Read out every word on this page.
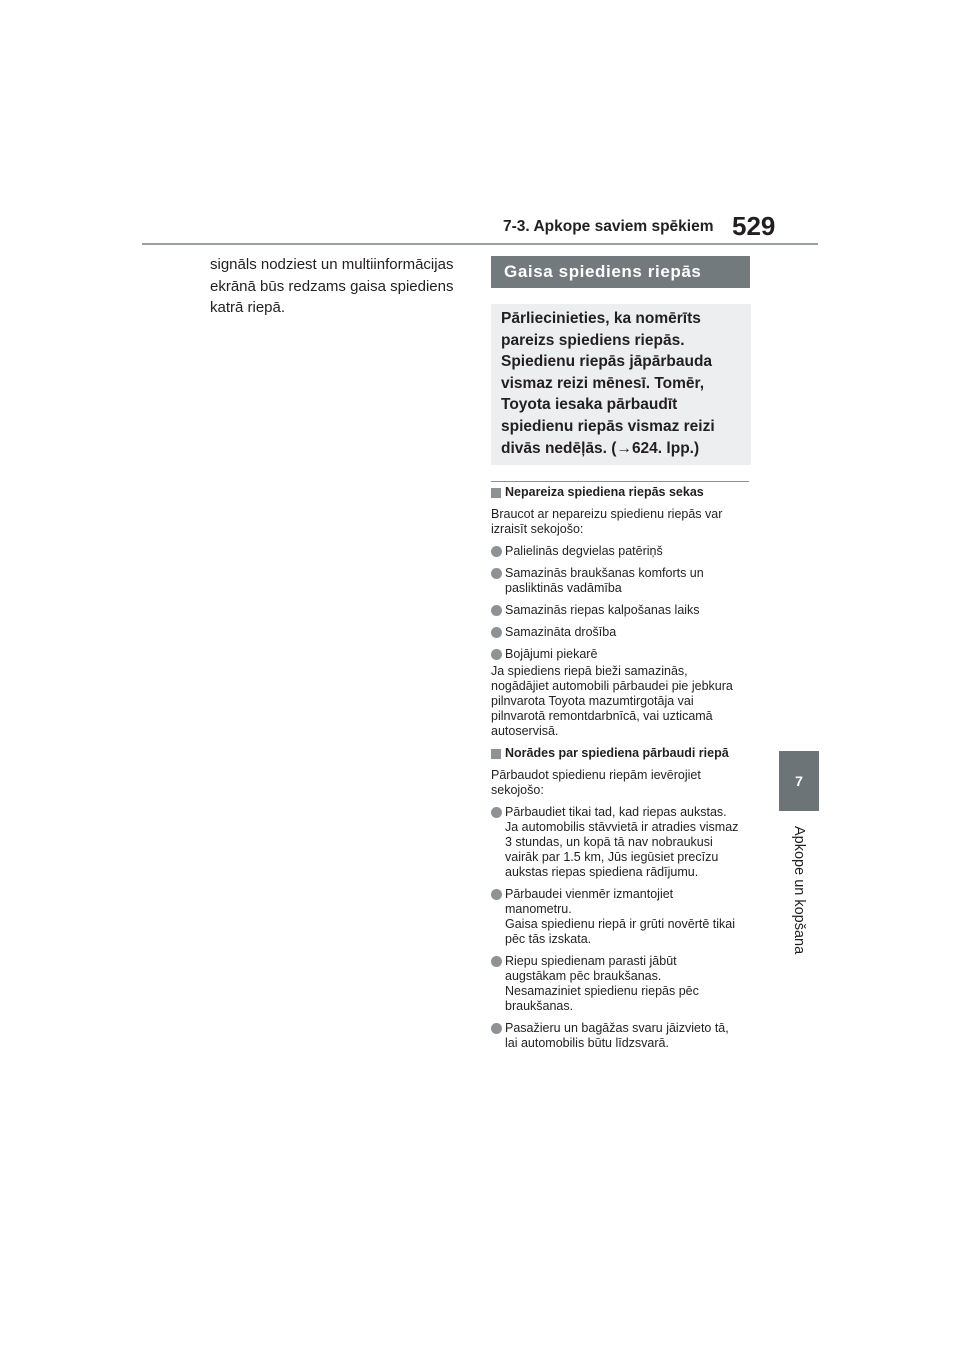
7-3. Apkope saviem spēkiem 529
signāls nodziest un multiinformācijas
ekrānā būs redzams gaisa spiediens
katrā riepā.
7
Apkope un kopšana
Gaisa spiediens riepās

Pārliecinieties, ka nomērīts

pareizs spiediens riepās.

Spiedienu riepās jāpārbauda

vismaz reizi mēnesī. Tomēr,

Toyota iesaka pārbaudīt

spiedienu riepās vismaz reizi

divās nedēļās. (→624. lpp.)

Nepareiza spiediena riepās sekas

Braucot ar nepareizu spiedienu riepās var

izraisīt sekojošo:

Palielinās degvielas patēriņš

Samazinās braukšanas komforts un

pasliktinās vadāmība

Samazinās riepas kalpošanas laiks

Samazināta drošība

Bojājumi piekarē

Ja spiediens riepā bieži samazinās,

nogādājiet automobili pārbaudei pie jebkura

pilnvarota Toyota mazumtirgotāja vai

pilnvarotā remontdarbnīcā, vai uzticamā

autoservisā.

Norādes par spiediena pārbaudi riepā

Pārbaudot spiedienu riepām ievērojiet

sekojošo:

Pārbaudiet tikai tad, kad riepas aukstas.

Ja automobilis stāvvietā ir atradies vismaz

3 stundas, un kopā tā nav nobraukusi

vairāk par 1.5 km, Jūs iegūsiet precīzu

aukstas riepas spiediena rādījumu.

Pārbaudei vienmēr izmantojiet

manometru.

Gaisa spiedienu riepā ir grūti novērtē tikai

pēc tās izskata.

Riepu spiedienam parasti jābūt

augstākam pēc braukšanas.

Nesamaziniet spiedienu riepās pēc

braukšanas.

Pasažieru un bagāžas svaru jāizvieto tā,

lai automobilis būtu līdzsvarā.
